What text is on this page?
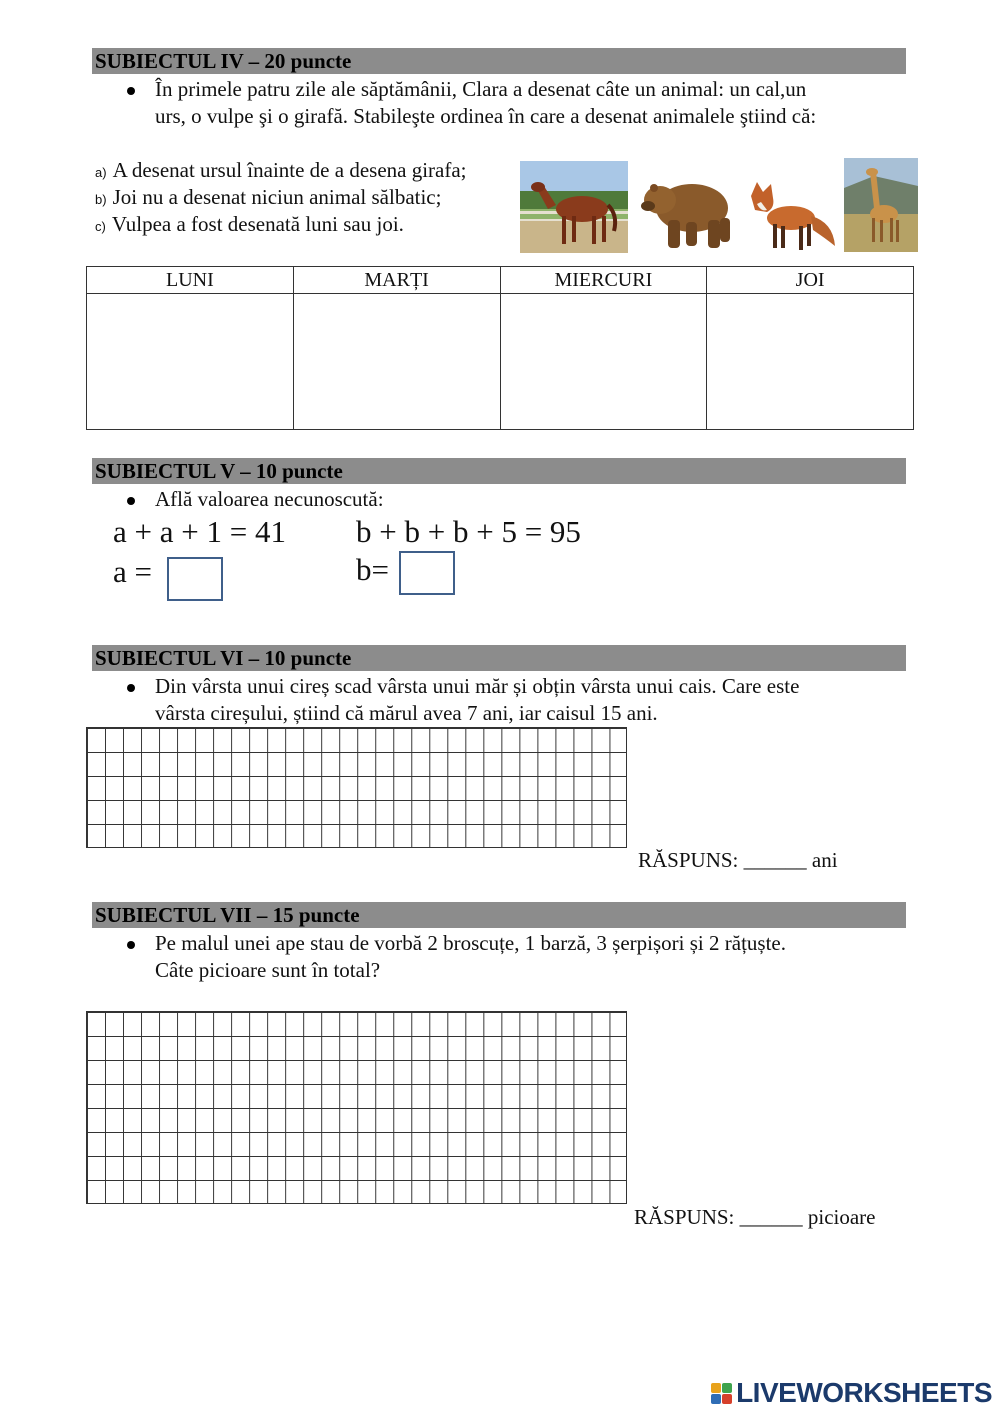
SUBIECTUL IV – 20 puncte
În primele patru zile ale săptămânii, Clara a desenat câte un animal: un cal,un
urs, o vulpe şi o girafă. Stabileşte ordinea în care a desenat animalele ştiind că:
a) A desenat ursul înainte de a desena girafa;
b) Joi nu a desenat niciun animal sălbatic;
c) Vulpea a fost desenată luni sau joi.
LUNI	MARȚI	MIERCURI	JOI

SUBIECTUL V – 10 puncte
Află valoarea necunoscută:
a + a + 1 = 41 b + b + b + 5 = 95
a =	b=
SUBIECTUL VI – 10 puncte
Din vârsta unui cireș scad vârsta unui măr și obțin vârsta unui cais. Care este
vârsta cireșului, știind că mărul avea 7 ani, iar caisul 15 ani.
RĂSPUNS: ______ ani
SUBIECTUL VII – 15 puncte
Pe malul unei ape stau de vorbă 2 broscuțe, 1 barză, 3 șerpișori și 2 rățuște.
Câte picioare sunt în total?
RĂSPUNS: ______ picioare
LIVEWORKSHEETS
